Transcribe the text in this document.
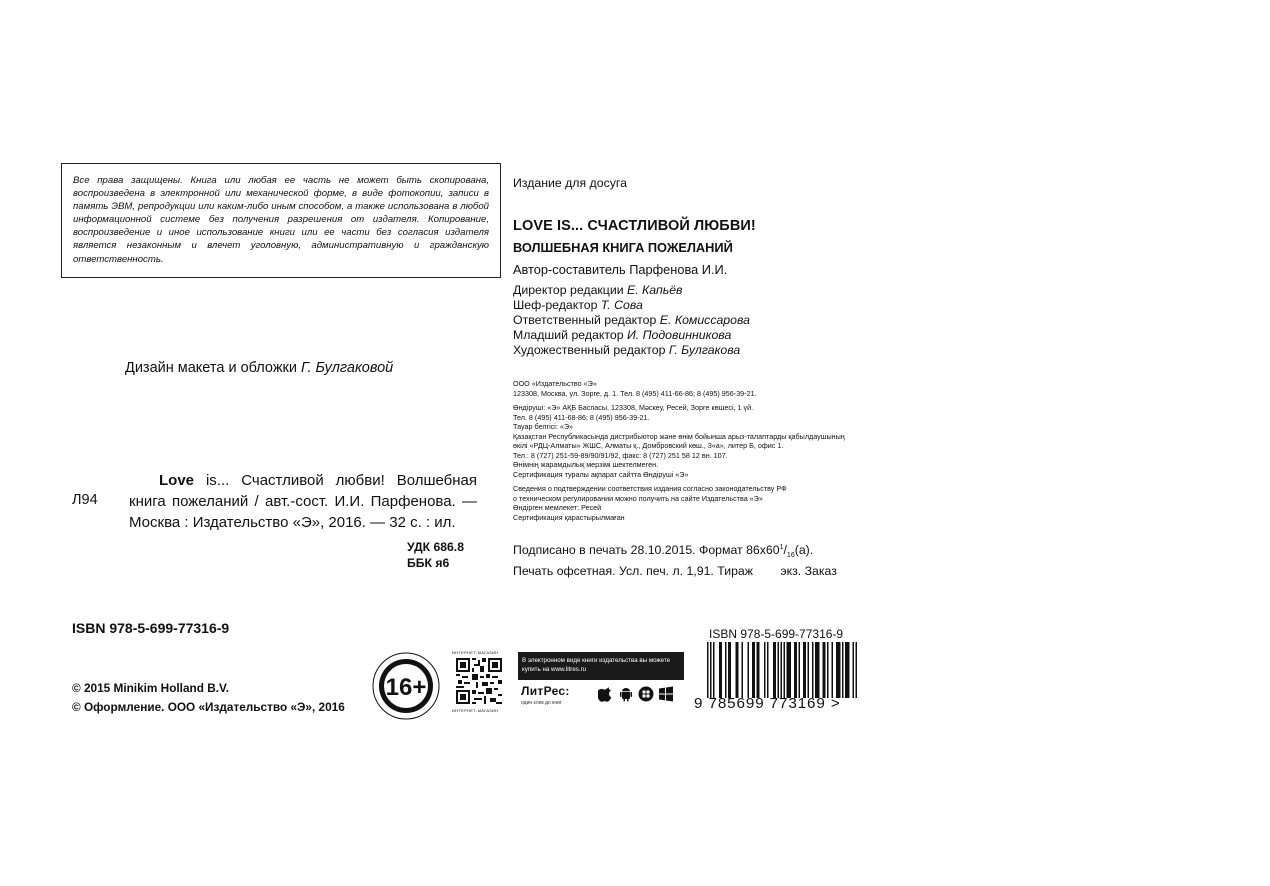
Все права защищены. Книга или любая ее часть не может быть скопирована, воспроизведена в электронной или механической форме, в виде фотокопии, записи в память ЭВМ, репродукции или каким-либо иным способом, а также использована в любой информационной системе без получения разрешения от издателя. Копирование, воспроизведение и иное использование книги или ее части без согласия издателя является незаконным и влечет уголовную, административную и гражданскую ответственность.
Дизайн макета и обложки Г. Булгаковой
Л94
Love is... Счастливой любви! Волшебная книга пожеланий / авт.-сост. И.И. Парфенова. — Москва : Издательство «Э», 2016. — 32 с. : ил.
УДК 686.8
ББК я6
ISBN 978-5-699-77316-9
© 2015 Minikim Holland B.V.
© Оформление. ООО «Издательство «Э», 2016
16+
ИНТЕРНЕТ-МАГАЗИН
ИНТЕРНЕТ-МАГАЗИН
В электронном виде книги издательства вы можете
купить на www.litres.ru
ЛитРес:
один клик до книг
Издание для досуга
LOVE IS... СЧАСТЛИВОЙ ЛЮБВИ!
ВОЛШЕБНАЯ КНИГА ПОЖЕЛАНИЙ
Автор-составитель Парфенова И.И.
Директор редакции Е. Капьёв
Шеф-редактор Т. Сова
Ответственный редактор Е. Комиссарова
Младший редактор И. Подовинникова
Художественный редактор Г. Булгакова
ООО «Издательство «Э»
123308, Москва, ул. Зорге, д. 1. Тел. 8 (495) 411-66-86; 8 (495) 956-39-21.
Өндіруші: «Э» АҚБ Баспасы, 123308, Мәскеу, Ресей, Зорге көшесі, 1 үй.
Тел. 8 (495) 411-68-86; 8 (495) 956-39-21.
Тауар белгісі: «Э»
Қазақстан Республикасында дистрибьютор жəне өнім бойынша арыз-талаптарды қабылдаушының
өкілі «РДЦ-Алматы» ЖШС, Алматы қ., Домбровский көш., 3«а», литер Б, офис 1.
Тел.: 8 (727) 251-59-89/90/91/92, факс: 8 (727) 251 58 12 вн. 107.
Өнімнің жарамдылық мерзімі шектелмеген.
Сертификация туралы ақпарат сайтта Өндіруші «Э»
Сведения о подтверждении соответствия издания согласно законодательству РФ
о техническом регулировании можно получить на сайте Издательства «Э»
Өндірген мемлекет: Ресей
Сертификация қарастырылмаған
Подписано в печать 28.10.2015. Формат $86x60^1/_{16}(а)$.
Печать офсетная. Усл. печ. л. 1,91. Тираж        экз. Заказ
ISBN 978-5-699-77316-9
9 785699 773169 >
